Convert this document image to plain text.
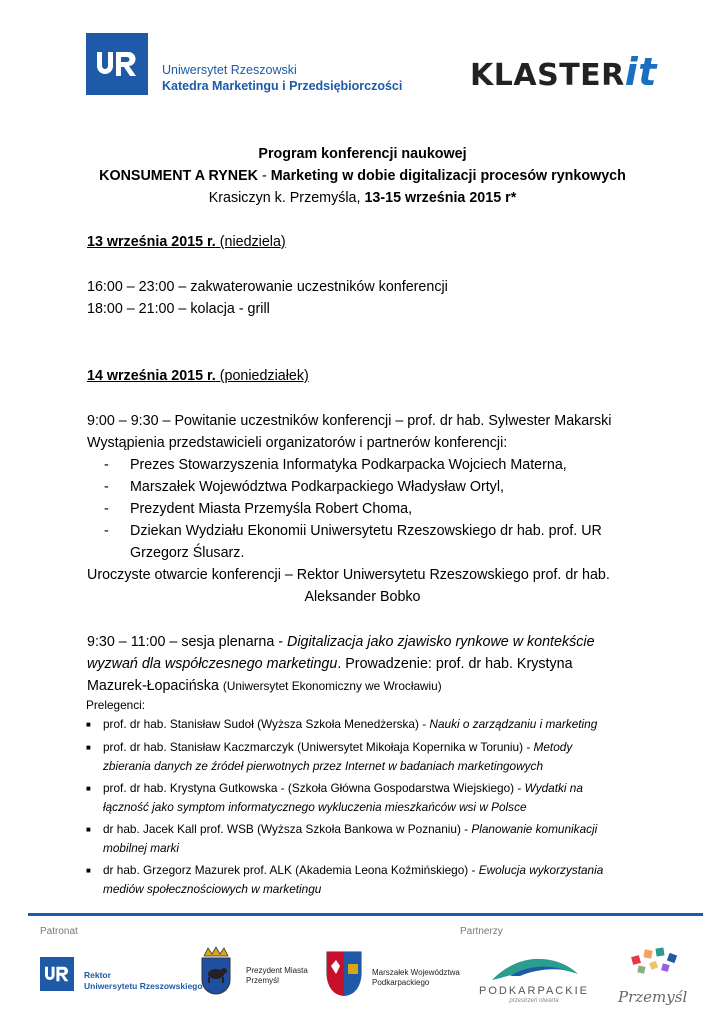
Uniwersytet Rzeszowski
Katedra Marketingu i Przedsiębiorczości KLASTERit
Program konferencji naukowej
KONSUMENT A RYNEK - Marketing w dobie digitalizacji procesów rynkowych
Krasiczyn k. Przemyśla, 13-15 września 2015 r*
13 września 2015 r. (niedziela)
16:00 – 23:00 – zakwaterowanie uczestników konferencji
18:00 – 21:00 – kolacja - grill
14 września 2015 r. (poniedziałek)
9:00 – 9:30 – Powitanie uczestników konferencji – prof. dr hab. Sylwester Makarski
Wystąpienia przedstawicieli organizatorów i partnerów konferencji:
- Prezes Stowarzyszenia Informatyka Podkarpacka Wojciech Materna,
- Marszałek Województwa Podkarpackiego Władysław Ortyl,
- Prezydent Miasta Przemyśla Robert Choma,
- Dziekan Wydziału Ekonomii Uniwersytetu Rzeszowskiego dr hab. prof. UR
Grzegorz Ślusarz.
Uroczyste otwarcie konferencji – Rektor Uniwersytetu Rzeszowskiego prof. dr hab.
Aleksander Bobko
9:30 – 11:00 – sesja plenarna - Digitalizacja jako zjawisko rynkowe w kontekście
wyzwań dla współczesnego marketingu. Prowadzenie: prof. dr hab. Krystyna
Mazurek-Łopacińska (Uniwersytet Ekonomiczny we Wrocławiu)
Prelegenci:
■	prof. dr hab. Stanisław Sudoł (Wyższa Szkoła Menedżerska) - Nauki o zarządzaniu i marketing
■	prof. dr hab. Stanisław Kaczmarczyk (Uniwersytet Mikołaja Kopernika w Toruniu) - Metody
zbierania danych ze źródeł pierwotnych przez Internet w badaniach marketingowych
■	prof. dr hab. Krystyna Gutkowska - (Szkoła Główna Gospodarstwa Wiejskiego) - Wydatki na
łączność jako symptom informatycznego wykluczenia mieszkańców wsi w Polsce
■	dr hab. Jacek Kall prof. WSB (Wyższa Szkoła Bankowa w Poznaniu) - Planowanie komunikacji
mobilnej marki
■	dr hab. Grzegorz Mazurek prof. ALK (Akademia Leona Koźmińskiego) - Ewolucja wykorzystania
mediów społecznościowych w marketingu
Patronat	Partnerzy
Rektor
Uniwersytetu Rzeszowskiego
Prezydent Miasta
Przemyśl
Marszałek Województwa
Podkarpackiego
PODKARPACKIE
przestrzeń otwarta	Przemyśl
